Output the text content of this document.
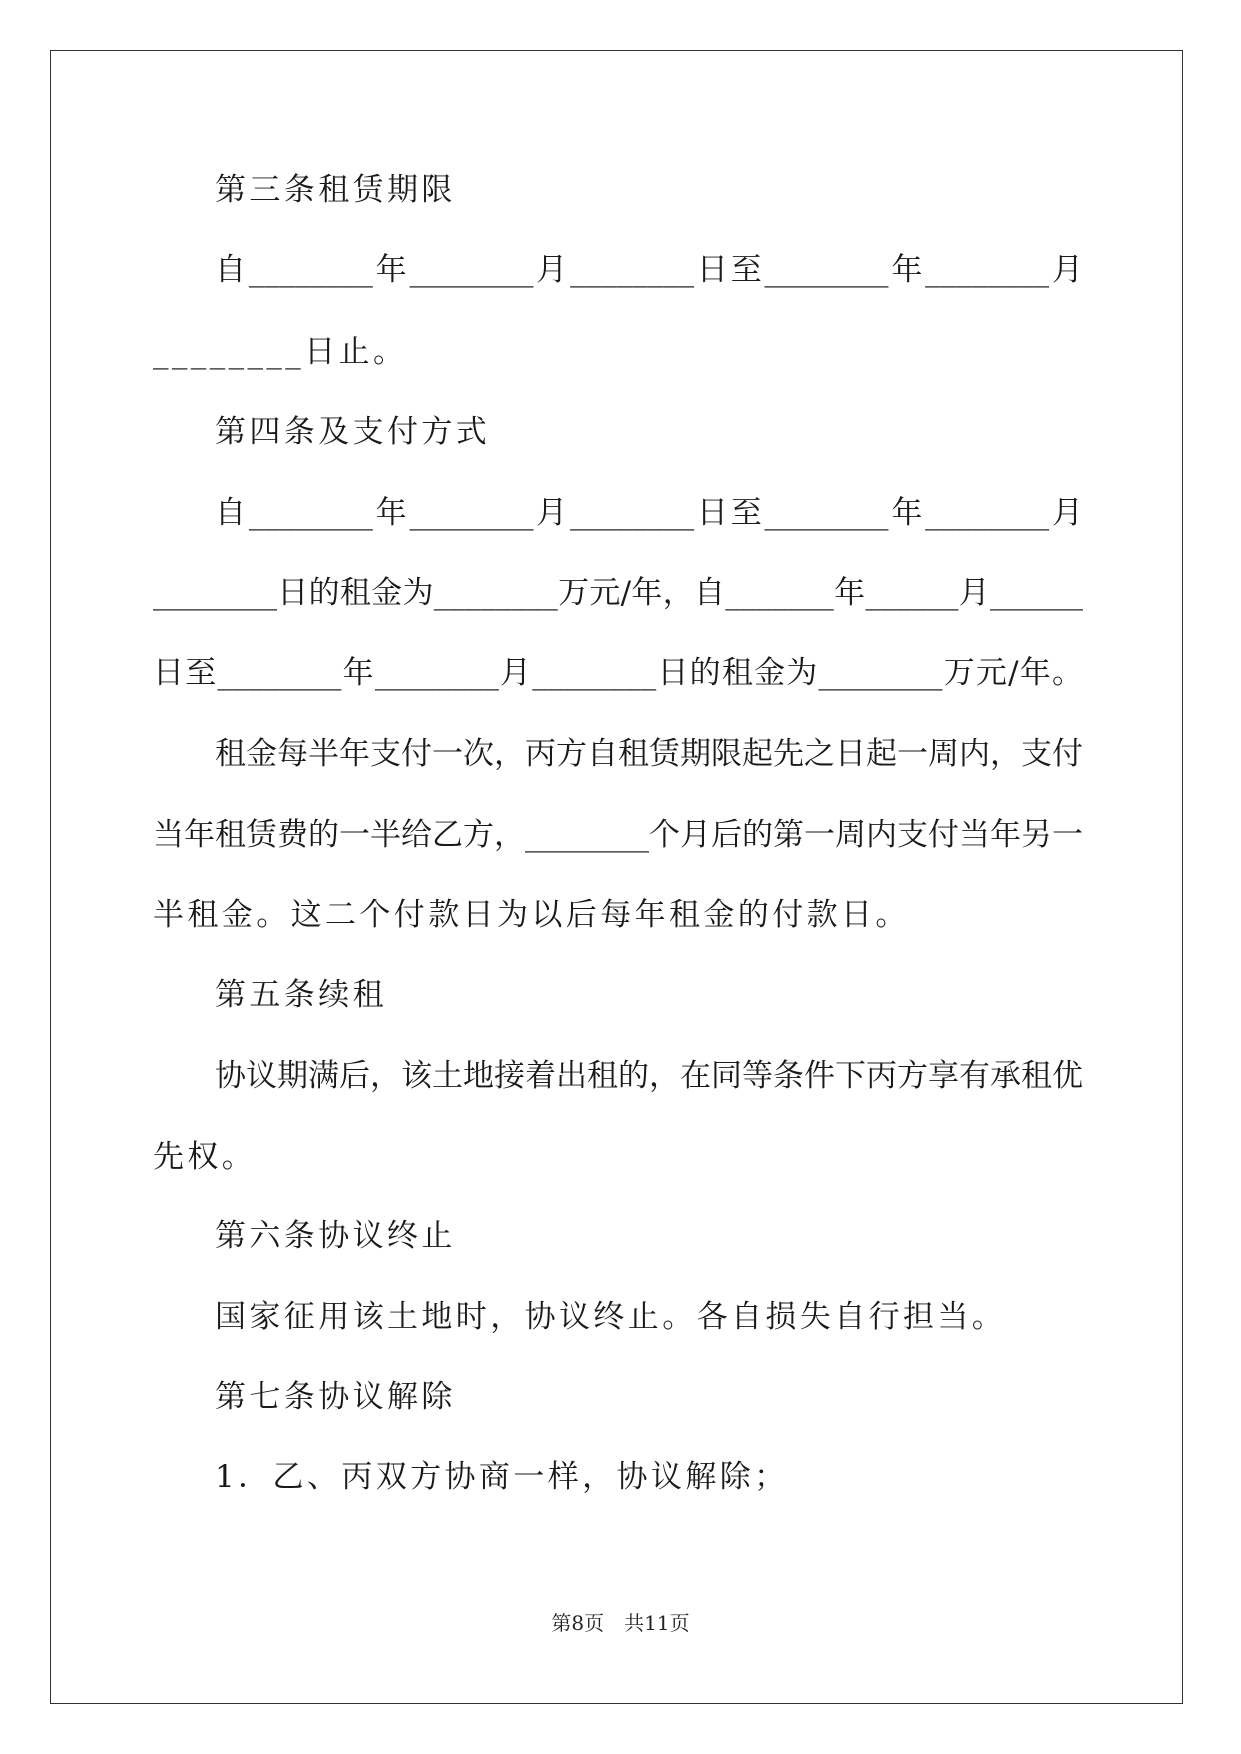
第三条租赁期限
自________年________月________日至________年________月
________日止。
第四条及支付方式
自________年________月________日至________年________月
________日的租金为________万元/年，自_______年______月______
日至________年________月________日的租金为________万元/年。
租金每半年支付一次，丙方自租赁期限起先之日起一周内，支付
当年租赁费的一半给乙方，________个月后的第一周内支付当年另一
半租金。这二个付款日为以后每年租金的付款日。
第五条续租
协议期满后，该土地接着出租的，在同等条件下丙方享有承租优
先权。
第六条协议终止
国家征用该土地时，协议终止。各自损失自行担当。
第七条协议解除
1．乙、丙双方协商一样，协议解除；
第8页　共11页
